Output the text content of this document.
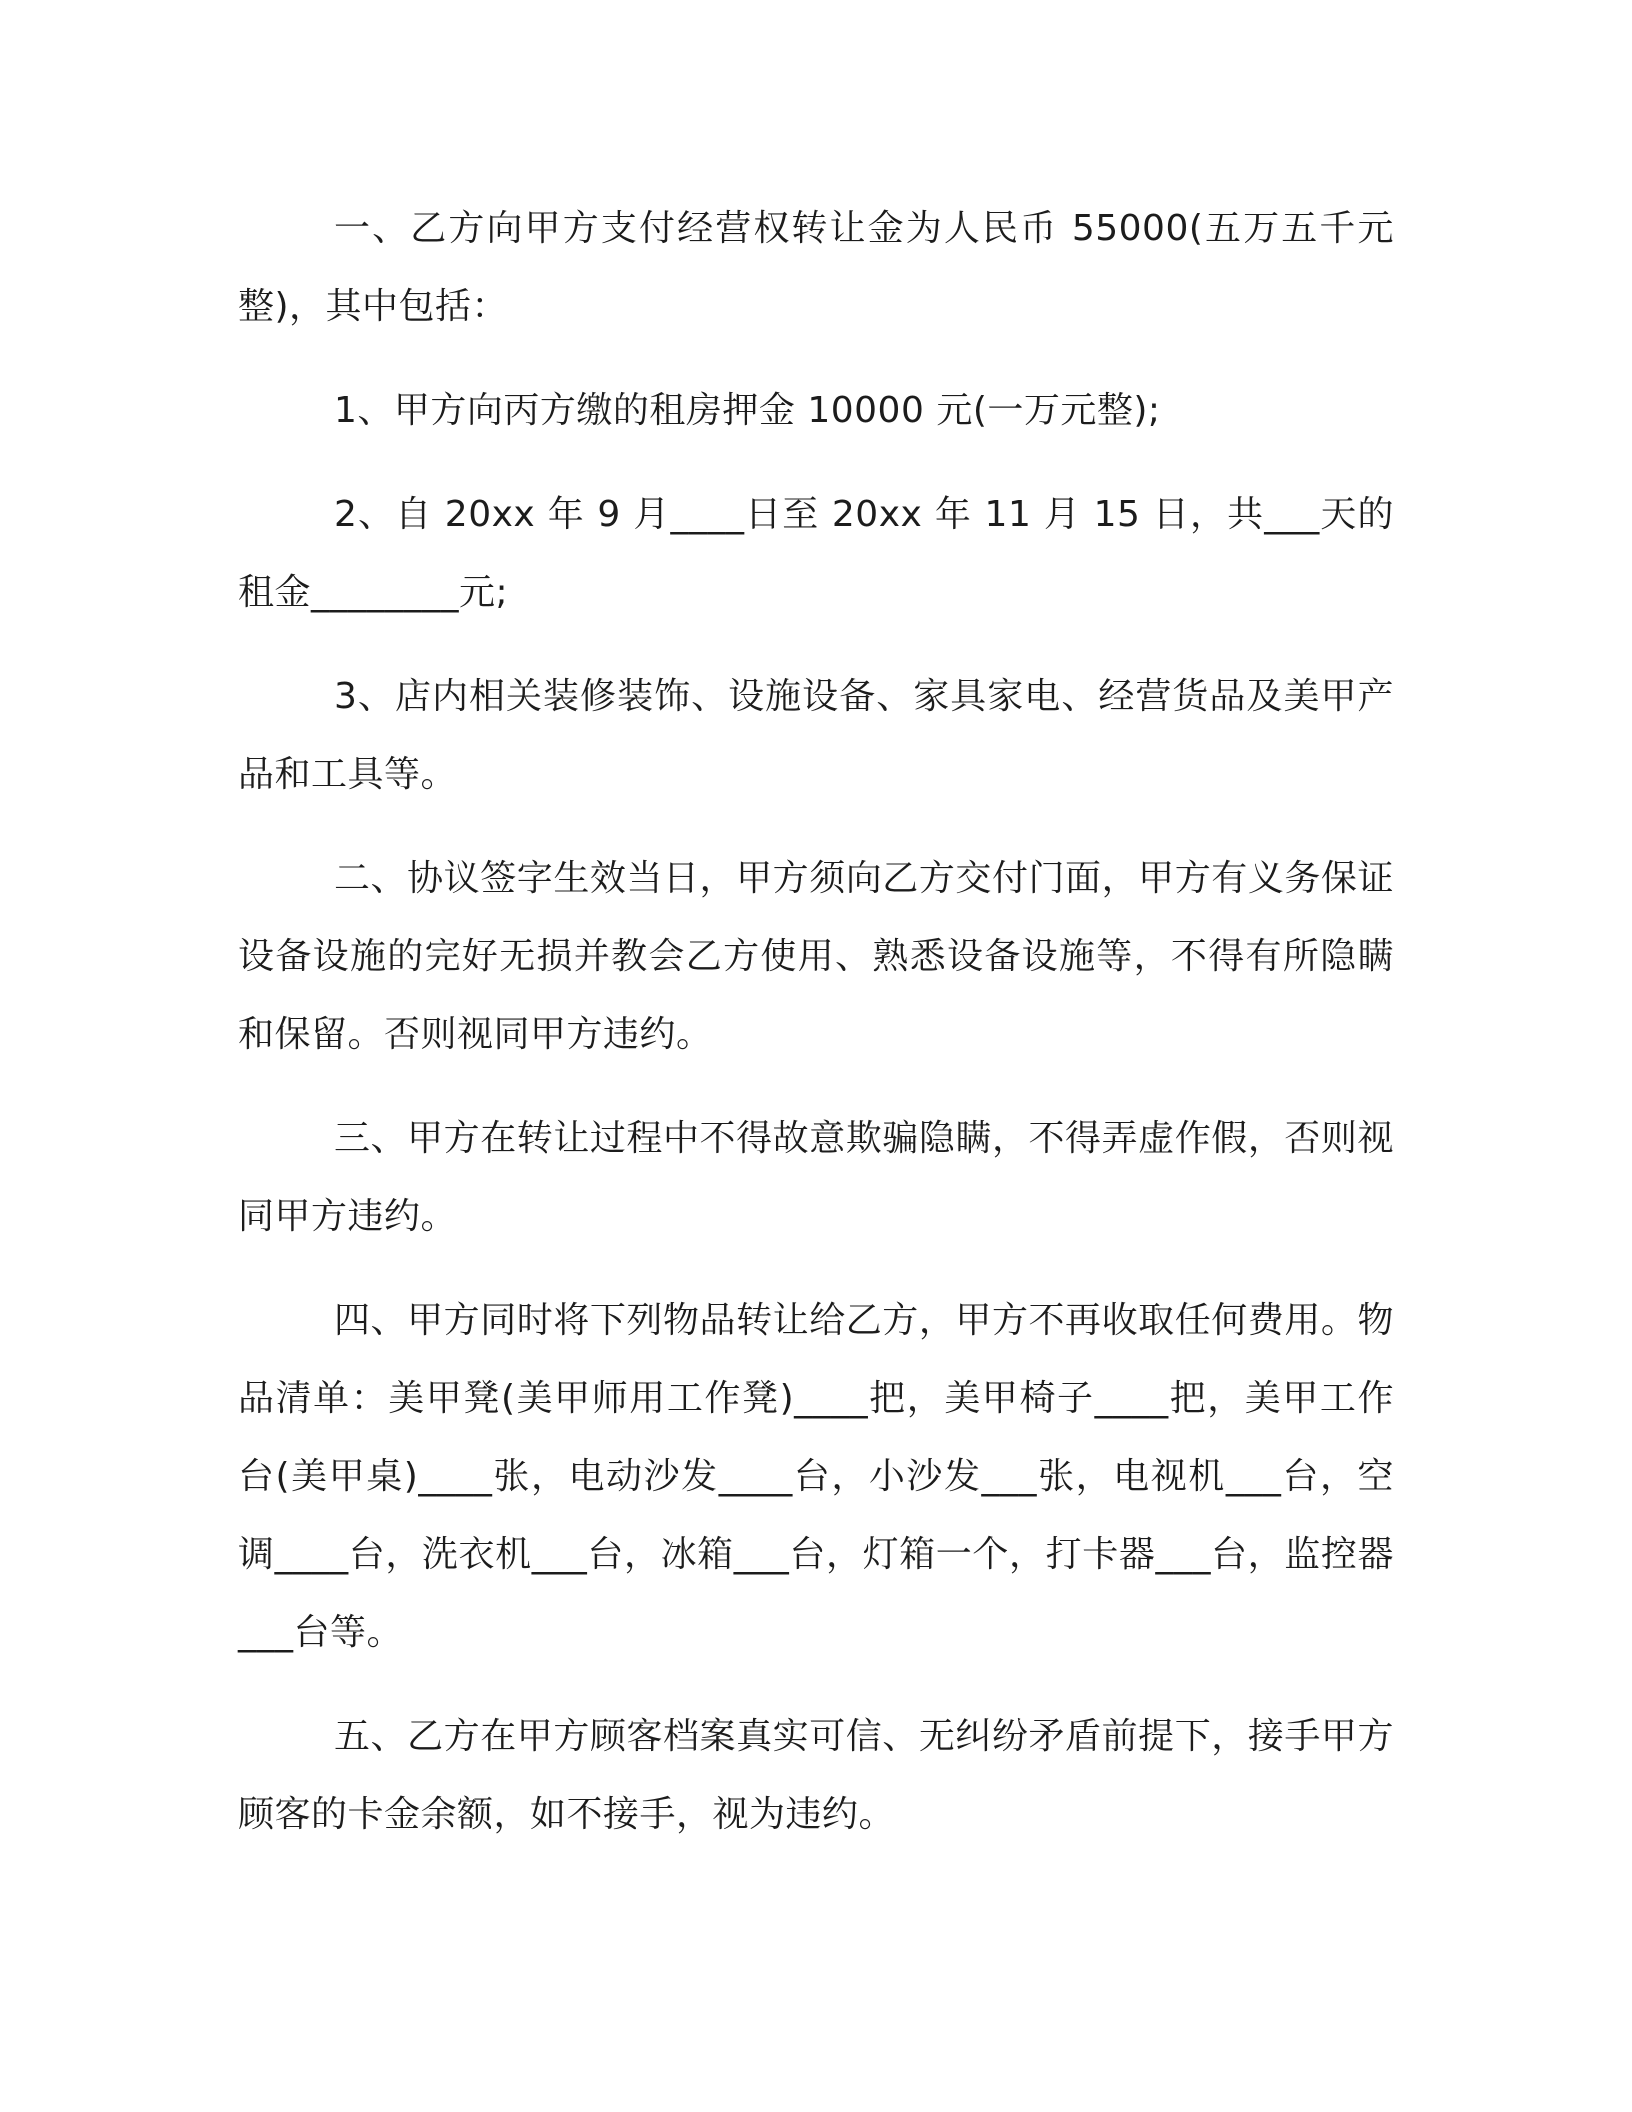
一、乙方向甲方支付经营权转让金为人民币 55000(五万五千元整)，其中包括：

1、甲方向丙方缴的租房押金 10000 元(一万元整);

2、自 20xx 年 9 月____日至 20xx 年 11 月 15 日，共___天的租金________元;

3、店内相关装修装饰、设施设备、家具家电、经营货品及美甲产品和工具等。

二、协议签字生效当日，甲方须向乙方交付门面，甲方有义务保证设备设施的完好无损并教会乙方使用、熟悉设备设施等，不得有所隐瞒和保留。否则视同甲方违约。

三、甲方在转让过程中不得故意欺骗隐瞒，不得弄虚作假，否则视同甲方违约。

四、甲方同时将下列物品转让给乙方，甲方不再收取任何费用。物品清单：美甲凳(美甲师用工作凳)____把，美甲椅子____把，美甲工作台(美甲桌)____张，电动沙发____台，小沙发___张，电视机___台，空调____台，洗衣机___台，冰箱___台，灯箱一个，打卡器___台，监控器___台等。

五、乙方在甲方顾客档案真实可信、无纠纷矛盾前提下，接手甲方顾客的卡金余额，如不接手，视为违约。
